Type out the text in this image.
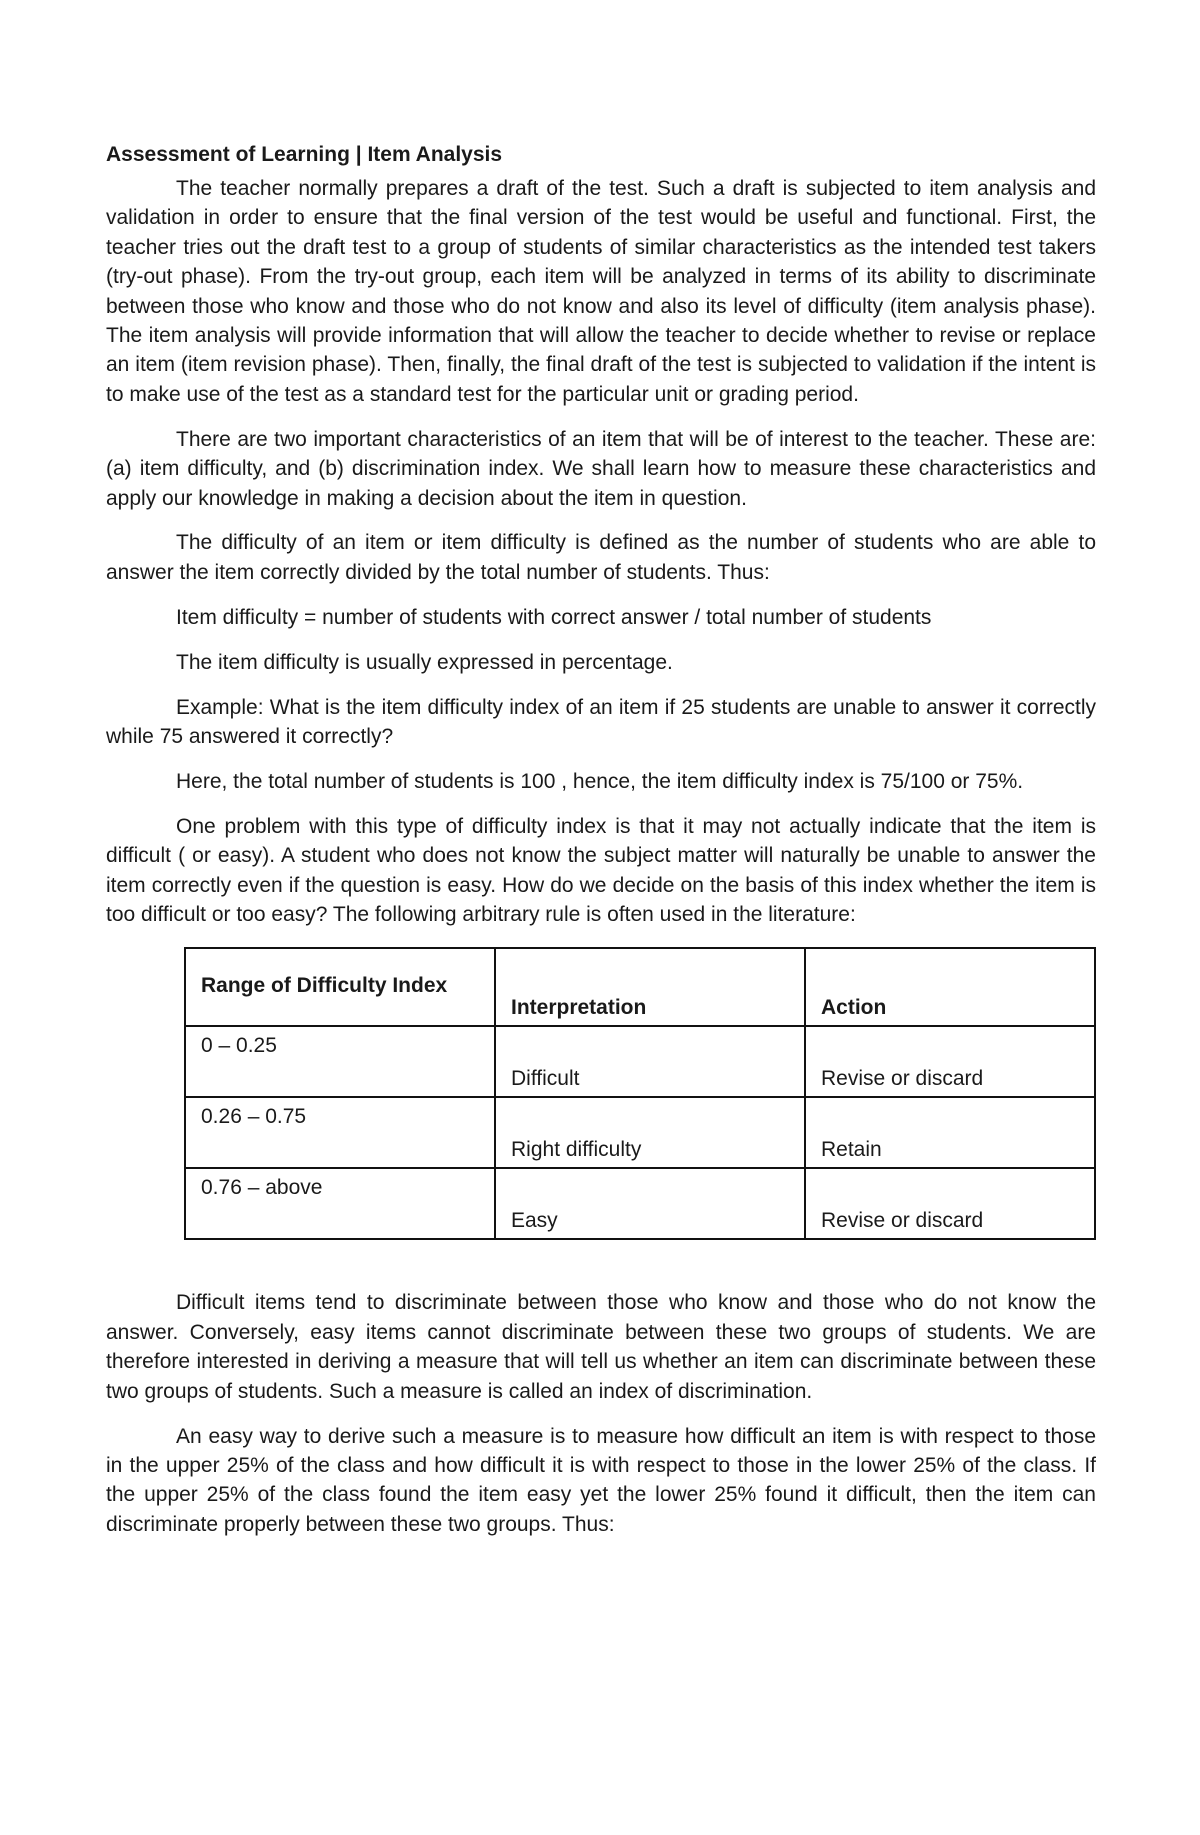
Assessment of Learning | Item Analysis

The teacher normally prepares a draft of the test. Such a draft is subjected to item analysis and validation in order to ensure that the final version of the test would be useful and functional. First, the teacher tries out the draft test to a group of students of similar characteristics as the intended test takers (try-out phase). From the try-out group, each item will be analyzed in terms of its ability to discriminate between those who know and those who do not know and also its level of difficulty (item analysis phase). The item analysis will provide information that will allow the teacher to decide whether to revise or replace an item (item revision phase). Then, finally, the final draft of the test is subjected to validation if the intent is to make use of the test as a standard test for the particular unit or grading period.

There are two important characteristics of an item that will be of interest to the teacher. These are: (a) item difficulty, and (b) discrimination index. We shall learn how to measure these characteristics and apply our knowledge in making a decision about the item in question.

The difficulty of an item or item difficulty is defined as the number of students who are able to answer the item correctly divided by the total number of students. Thus:

Item difficulty = number of students with correct answer / total number of students

The item difficulty is usually expressed in percentage.

Example: What is the item difficulty index of an item if 25 students are unable to answer it correctly while 75 answered it correctly?

Here, the total number of students is 100 , hence, the item difficulty index is 75/100 or 75%.

One problem with this type of difficulty index is that it may not actually indicate that the item is difficult ( or easy). A student who does not know the subject matter will naturally be unable to answer the item correctly even if the question is easy. How do we decide on the basis of this index whether the item is too difficult or too easy? The following arbitrary rule is often used in the literature:

Range of Difficulty Index	Interpretation	Action

0 – 0.25	Difficult	Revise or discard

0.26 – 0.75	Right difficulty	Retain

0.76 – above	Easy	Revise or discard

Difficult items tend to discriminate between those who know and those who do not know the answer. Conversely, easy items cannot discriminate between these two groups of students. We are therefore interested in deriving a measure that will tell us whether an item can discriminate between these two groups of students. Such a measure is called an index of discrimination.

An easy way to derive such a measure is to measure how difficult an item is with respect to those in the upper 25% of the class and how difficult it is with respect to those in the lower 25% of the class. If the upper 25% of the class found the item easy yet the lower 25% found it difficult, then the item can discriminate properly between these two groups. Thus:
